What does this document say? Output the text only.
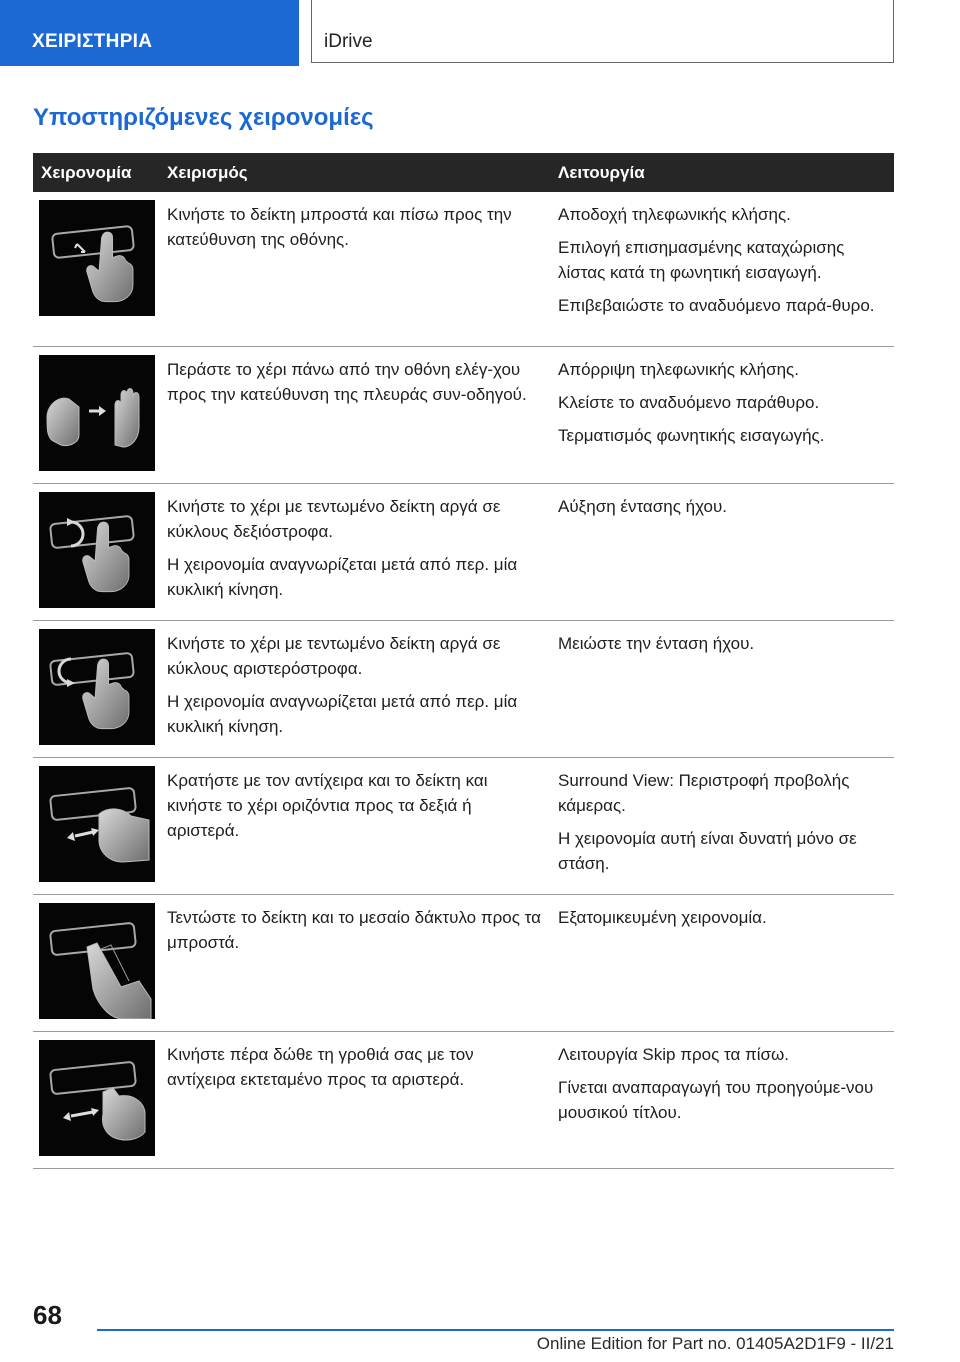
ΧΕΙΡΙΣΤΗΡΙΑ	iDrive
Υποστηριζόμενες χειρονομίες
Χειρονομία Χειρισμός	Λειτουργία

Κινήστε το δείκτη μπροστά και πίσω προς την κατεύθυνση της οθόνης.

Αποδοχή τηλεφωνικής κλήσης.

Επιλογή επισημασμένης καταχώρισης λίστας κατά τη φωνητική εισαγωγή.

Επιβεβαιώστε το αναδυόμενο παρά-θυρο.

Περάστε το χέρι πάνω από την οθόνη ελέγ-χου προς την κατεύθυνση της πλευράς συν-οδηγού.

Απόρριψη τηλεφωνικής κλήσης.

Κλείστε το αναδυόμενο παράθυρο.

Τερματισμός φωνητικής εισαγωγής.

Κινήστε το χέρι με τεντωμένο δείκτη αργά σε κύκλους δεξιόστροφα.

Η χειρονομία αναγνωρίζεται μετά από περ. μία κυκλική κίνηση.

Αύξηση έντασης ήχου.

Κινήστε το χέρι με τεντωμένο δείκτη αργά σε κύκλους αριστερόστροφα.

Η χειρονομία αναγνωρίζεται μετά από περ. μία κυκλική κίνηση.

Μειώστε την ένταση ήχου.

Κρατήστε με τον αντίχειρα και το δείκτη και κινήστε το χέρι οριζόντια προς τα δεξιά ή αριστερά.

Surround View: Περιστροφή προβολής κάμερας.

Η χειρονομία αυτή είναι δυνατή μόνο σε στάση.

Τεντώστε το δείκτη και το μεσαίο δάκτυλο προς τα μπροστά.

Εξατομικευμένη χειρονομία.

Κινήστε πέρα δώθε τη γροθιά σας με τον αντίχειρα εκτεταμένο προς τα αριστερά.

Λειτουργία Skip προς τα πίσω.

Γίνεται αναπαραγωγή του προηγούμε-νου μουσικού τίτλου.

68
Online Edition for Part no. 01405A2D1F9 - II/21
